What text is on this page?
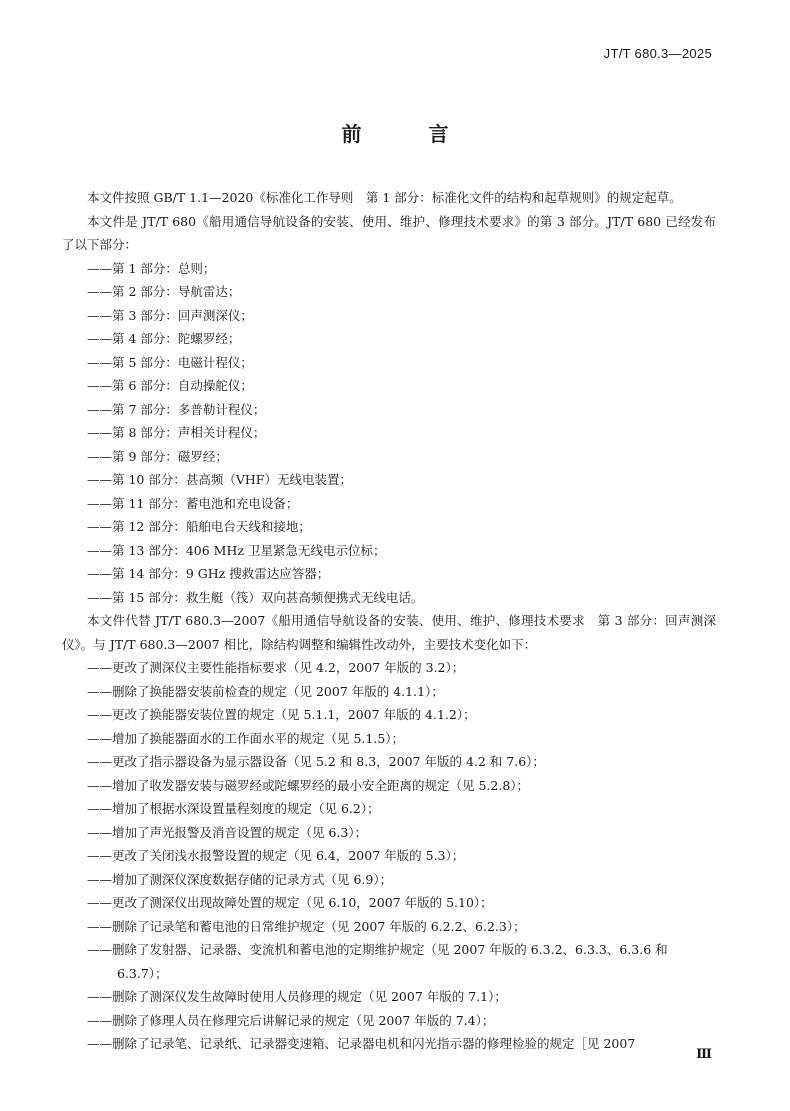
JT/T 680.3—2025
前 言

本文件按照 GB/T 1.1—2020《标准化工作导则　第 1 部分：标准化文件的结构和起草规则》的规定起草。

本文件是 JT/T 680《船用通信导航设备的安装、使用、维护、修理技术要求》的第 3 部分。JT/T 680 已经发布了以下部分：

——第 1 部分：总则；

——第 2 部分：导航雷达；

——第 3 部分：回声测深仪；

——第 4 部分：陀螺罗经；

——第 5 部分：电磁计程仪；

——第 6 部分：自动操舵仪；

——第 7 部分：多普勒计程仪；

——第 8 部分：声相关计程仪；

——第 9 部分：磁罗经；

——第 10 部分：甚高频（VHF）无线电装置；

——第 11 部分：蓄电池和充电设备；

——第 12 部分：船舶电台天线和接地；

——第 13 部分：406 MHz 卫星紧急无线电示位标；

——第 14 部分：9 GHz 搜救雷达应答器；

——第 15 部分：救生艇（筏）双向甚高频便携式无线电话。

本文件代替 JT/T 680.3—2007《船用通信导航设备的安装、使用、维护、修理技术要求　第 3 部分：回声测深仪》。与 JT/T 680.3—2007 相比，除结构调整和编辑性改动外，主要技术变化如下：

——更改了测深仪主要性能指标要求（见 4.2，2007 年版的 3.2）；

——删除了换能器安装前检查的规定（见 2007 年版的 4.1.1）；

——更改了换能器安装位置的规定（见 5.1.1，2007 年版的 4.1.2）；

——增加了换能器面水的工作面水平的规定（见 5.1.5）；

——更改了指示器设备为显示器设备（见 5.2 和 8.3，2007 年版的 4.2 和 7.6）；

——增加了收发器安装与磁罗经或陀螺罗经的最小安全距离的规定（见 5.2.8）；

——增加了根据水深设置量程刻度的规定（见 6.2）；

——增加了声光报警及消音设置的规定（见 6.3）；

——更改了关闭浅水报警设置的规定（见 6.4，2007 年版的 5.3）；

——增加了测深仪深度数据存储的记录方式（见 6.9）；

——更改了测深仪出现故障处置的规定（见 6.10，2007 年版的 5.10）；

——删除了记录笔和蓄电池的日常维护规定（见 2007 年版的 6.2.2、6.2.3）；

——删除了发射器、记录器、变流机和蓄电池的定期维护规定（见 2007 年版的 6.3.2、6.3.3、6.3.6 和 6.3.7）；

——删除了测深仪发生故障时使用人员修理的规定（见 2007 年版的 7.1）；

——删除了修理人员在修理完后讲解记录的规定（见 2007 年版的 7.4）；

——删除了记录笔、记录纸、记录器变速箱、记录器电机和闪光指示器的修理检验的规定［见 2007

Ⅲ
